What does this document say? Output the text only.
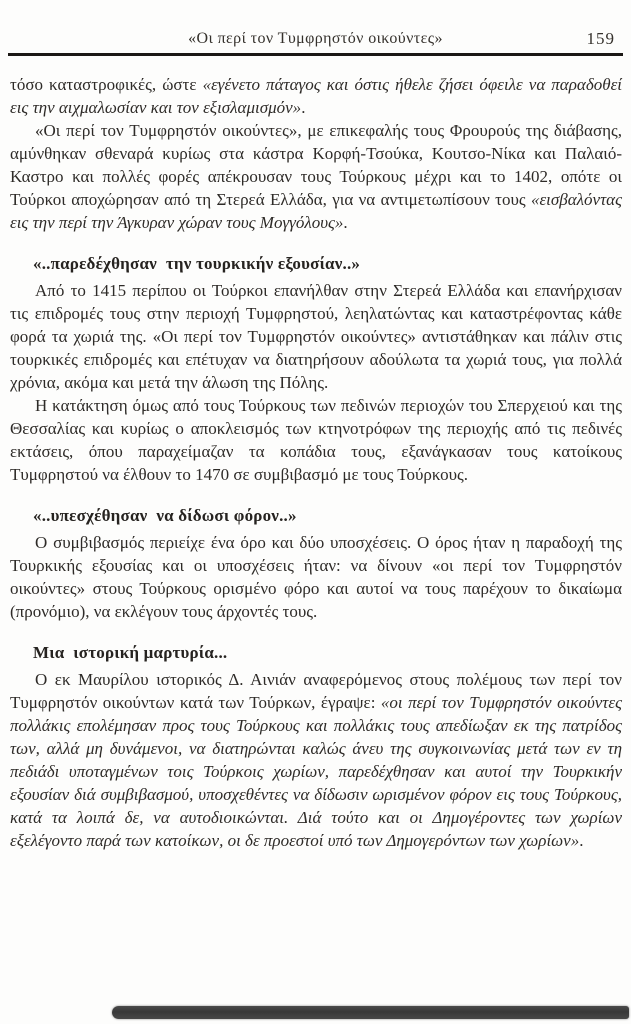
«Οι περί τον Τυμφρηστόν οικούντες»	159

τόσο καταστροφικές, ώστε «εγένετο πάταγος και όστις ήθελε ζήσει όφειλε να παραδοθεί εις την αιχμαλωσίαν και τον εξισλαμισμόν».

«Οι περί τον Τυμφρηστόν οικούντες», με επικεφαλής τους Φρουρούς της διάβασης, αμύνθηκαν σθεναρά κυρίως στα κάστρα Κορφή-Τσούκα, Κουτσο-Νίκα και Παλαιό-Καστρο και πολλές φορές απέκρουσαν τους Τούρκους μέχρι και το 1402, οπότε οι Τούρκοι αποχώρησαν από τη Στερεά Ελλάδα, για να αντιμετωπίσουν τους «εισβαλόντας εις την περί την Άγκυραν χώραν τους Μογγόλους».

«..παρεδέχθησαν  την τουρκικήν εξουσίαν..»

Από το 1415 περίπου οι Τούρκοι επανήλθαν στην Στερεά Ελλάδα και επανήρχισαν τις επιδρομές τους στην περιοχή Τυμφρηστού, λεηλατώντας και καταστρέφοντας κάθε φορά τα χωριά της. «Οι περί τον Τυμφρηστόν οικούντες» αντιστάθηκαν και πάλιν στις τουρκικές επιδρομές και επέτυχαν να διατηρήσουν αδούλωτα τα χωριά τους, για πολλά χρόνια, ακόμα και μετά την άλωση της Πόλης.

Η κατάκτηση όμως από τους Τούρκους των πεδινών περιοχών του Σπερχειού και της Θεσσαλίας και κυρίως ο αποκλεισμός των κτηνοτρόφων της περιοχής από τις πεδινές εκτάσεις, όπου παραχείμαζαν τα κοπάδια τους, εξανάγκασαν τους κατοίκους Τυμφρηστού να έλθουν το 1470 σε συμβιβασμό με τους Τούρκους.

«..υπεσχέθησαν  να δίδωσι φόρον..»

Ο συμβιβασμός περιείχε ένα όρο και δύο υποσχέσεις. Ο όρος ήταν η παραδοχή της Τουρκικής εξουσίας και οι υποσχέσεις ήταν: να δίνουν «οι περί τον Τυμφρηστόν οικούντες» στους Τούρκους ορισμένο φόρο και αυτοί να τους παρέχουν το δικαίωμα (προνόμιο), να εκλέγουν τους άρχοντές τους.

Μια  ιστορική μαρτυρία...

Ο εκ Μαυρίλου ιστορικός Δ. Αινιάν αναφερόμενος στους πολέμους των περί τον Τυμφρηστόν οικούντων κατά των Τούρκων, έγραψε: «οι περί τον Τυμφρηστόν οικούντες πολλάκις επολέμησαν προς τους Τούρκους και πολλάκις τους απεδίωξαν εκ της πατρίδος των, αλλά μη δυνάμενοι, να διατηρώνται καλώς άνευ της συγκοινωνίας μετά των εν τη πεδιάδι υποταγμένων τοις Τούρκοις χωρίων, παρεδέχθησαν και αυτοί την Τουρκικήν εξουσίαν διά συμβιβασμού, υποσχεθέντες να δίδωσιν ωρισμένον φόρον εις τους Τούρκους, κατά τα λοιπά δε, να αυτοδιοικώνται. Διά τούτο και οι Δημογέροντες των χωρίων εξελέγοντο παρά των κατοίκων, οι δε προεστοί υπό των Δημογερόντων των χωρίων».
